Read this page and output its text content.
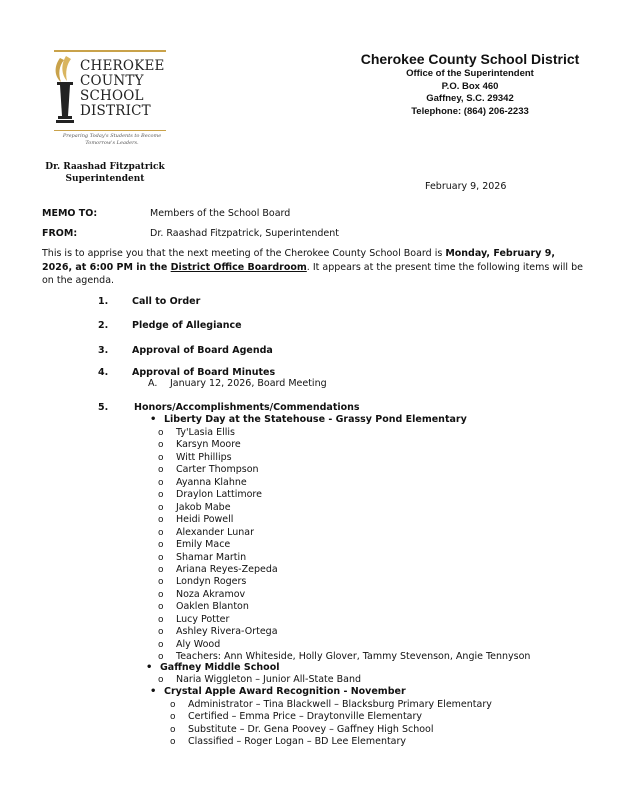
CHEROKEE
COUNTY
SCHOOL
DISTRICT
Preparing Today's Students to Become Tomorrow's Leaders.
Dr. Raashad Fitzpatrick
Superintendent
Cherokee County School District
Office of the Superintendent
P.O. Box 460
Gaffney, S.C. 29342
Telephone: (864) 206-2233
February 9, 2026
MEMO TO:	Members of the School Board
FROM:	Dr. Raashad Fitzpatrick, Superintendent
This is to apprise you that the next meeting of the Cherokee County School Board is Monday, February 9, 2026, at 6:00 PM in the District Office Boardroom. It appears at the present time the following items will be on the agenda.
1.	Call to Order
2.	Pledge of Allegiance
3.	Approval of Board Agenda
4.	Approval of Board Minutes
A. January 12, 2026, Board Meeting
5.	Honors/Accomplishments/Commendations
• Liberty Day at the Statehouse - Grassy Pond Elementary
o Ty'Lasia Ellis
o Karsyn Moore
o Witt Phillips
o Carter Thompson
o Ayanna Klahne
o Draylon Lattimore
o Jakob Mabe
o Heidi Powell
o Alexander Lunar
o Emily Mace
o Shamar Martin
o Ariana Reyes-Zepeda
o Londyn Rogers
o Noza Akramov
o Oaklen Blanton
o Lucy Potter
o Ashley Rivera-Ortega
o Aly Wood
o Teachers: Ann Whiteside, Holly Glover, Tammy Stevenson, Angie Tennyson
• Gaffney Middle School
o Naria Wiggleton – Junior All-State Band
• Crystal Apple Award Recognition - November
o Administrator – Tina Blackwell – Blacksburg Primary Elementary
o Certified – Emma Price – Draytonville Elementary
o Substitute – Dr. Gena Poovey – Gaffney High School
o Classified – Roger Logan – BD Lee Elementary
